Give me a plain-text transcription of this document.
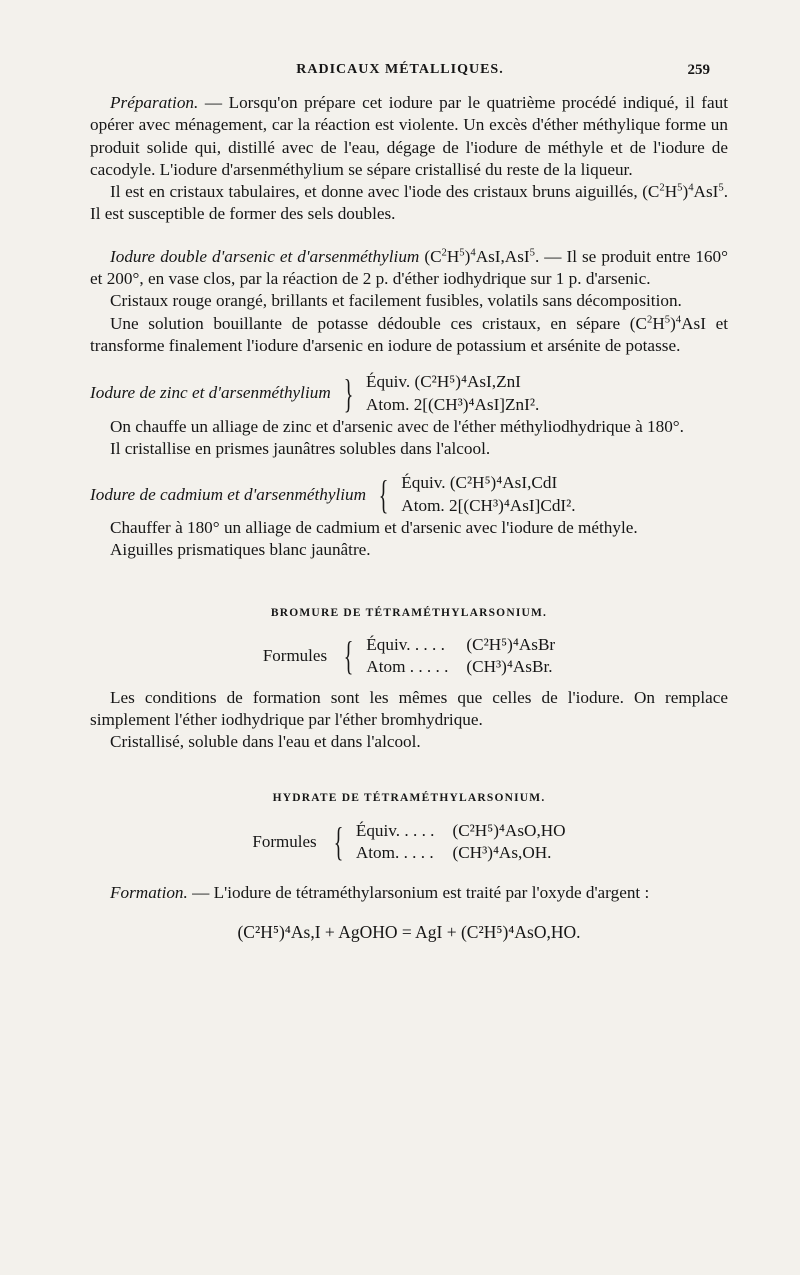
RADICAUX MÉTALLIQUES.	259

Préparation. — Lorsqu'on prépare cet iodure par le quatrième procédé indiqué, il faut opérer avec ménagement, car la réaction est violente. Un excès d'éther méthylique forme un produit solide qui, distillé avec de l'eau, dégage de l'iodure de méthyle et de l'iodure de cacodyle. L'iodure d'arsenméthylium se sépare cristallisé du reste de la liqueur.

Il est en cristaux tabulaires, et donne avec l'iode des cristaux bruns aiguillés, $(C^2H^5)^4AsI^5$. Il est susceptible de former des sels doubles.

Iodure double d'arsenic et d'arsenméthylium $(C^2H^5)^4AsI,AsI^5$. — Il se produit entre 160° et 200°, en vase clos, par la réaction de 2 p. d'éther iodhydrique sur 1 p. d'arsenic.

Cristaux rouge orangé, brillants et facilement fusibles, volatils sans décomposition.

Une solution bouillante de potasse dédouble ces cristaux, en sépare $(C^2H^5)^4AsI$ et transforme finalement l'iodure d'arsenic en iodure de potassium et arsénite de potasse.

Iodure de zinc et d'arsenméthylium } Équiv. (C²H⁵)⁴AsI,ZnI
Atom. 2[(CH³)⁴AsI]ZnI².

On chauffe un alliage de zinc et d'arsenic avec de l'éther méthyliodhydrique à 180°.

Il cristallise en prismes jaunâtres solubles dans l'alcool.

Iodure de cadmium et d'arsenméthylium { Équiv. (C²H⁵)⁴AsI,CdI
Atom. 2[(CH³)⁴AsI]CdI².

Chauffer à 180° un alliage de cadmium et d'arsenic avec l'iodure de méthyle.

Aiguilles prismatiques blanc jaunâtre.

BROMURE DE TÉTRAMÉTHYLARSONIUM.
Formules { Équiv. . . . .
Atom . . . . .
(C²H⁵)⁴AsBr
(CH³)⁴AsBr.

Les conditions de formation sont les mêmes que celles de l'iodure. On remplace simplement l'éther iodhydrique par l'éther bromhydrique.

Cristallisé, soluble dans l'eau et dans l'alcool.

HYDRATE DE TÉTRAMÉTHYLARSONIUM.
Formules { Équiv. . . . .
Atom. . . . .
(C²H⁵)⁴AsO,HO
(CH³)⁴As,OH.

Formation. — L'iodure de tétraméthylarsonium est traité par l'oxyde d'argent :

(C²H⁵)⁴As,I + AgOHO = AgI + (C²H⁵)⁴AsO,HO.
